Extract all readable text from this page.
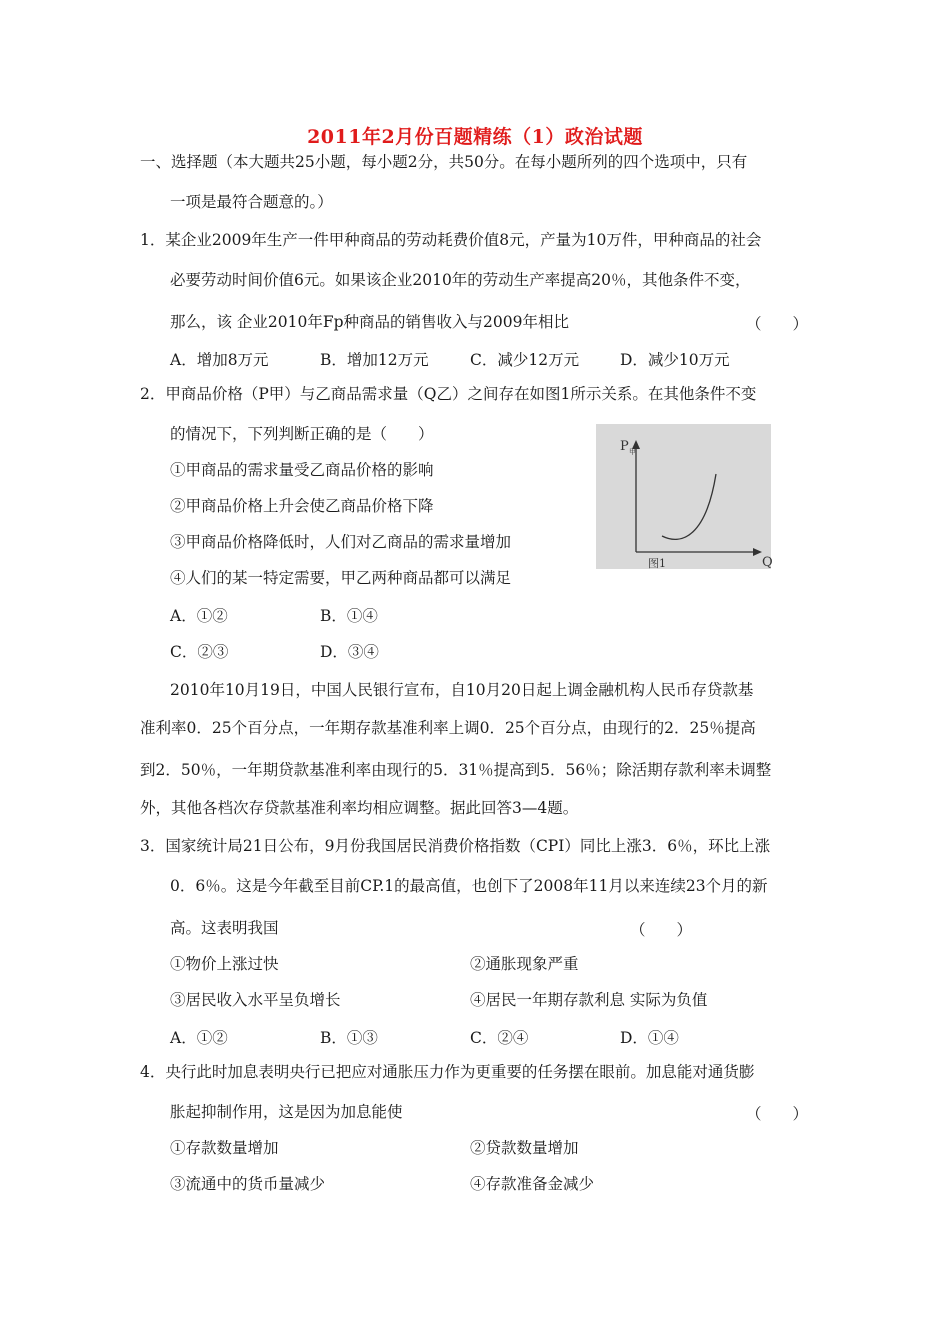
2011年2月份百题精练（1）政治试题
一、选择题（本大题共25小题，每小题2分，共50分。在每小题所列的四个选项中，只有
一项是最符合题意的。）
1．某企业2009年生产一件甲种商品的劳动耗费价值8元，产量为10万件，甲种商品的社会
必要劳动时间价值6元。如果该企业2010年的劳动生产率提高20％，其他条件不变，
那么，该 企业2010年Fp种商品的销售收入与2009年相比	（　　）
A．增加8万元	B．增加12万元	C．减少12万元	D．减少10万元
2．甲商品价格（P甲）与乙商品需求量（Q乙）之间存在如图1所示关系。在其他条件不变
的情况下，下列判断正确的是（　　）
①甲商品的需求量受乙商品价格的影响
②甲商品价格上升会使乙商品价格下降
③甲商品价格降低时，人们对乙商品的需求量增加
④人们的某一特定需要，甲乙两种商品都可以满足
A．①②	B．①④
C．②③	D．③④
P 甲
Q
图1
2010年10月19日，中国人民银行宣布，自10月20日起上调金融机构人民币存贷款基
准利率0．25个百分点，一年期存款基准利率上调0．25个百分点，由现行的2．25％提高
到2．50％，一年期贷款基准利率由现行的5．31％提高到5．56％；除活期存款利率未调整
外，其他各档次存贷款基准利率均相应调整。据此回答3—4题。
3．国家统计局21日公布，9月份我国居民消费价格指数（CPI）同比上涨3．6％，环比上涨
0．6％。这是今年截至目前CP.1的最高值，也创下了2008年11月以来连续23个月的新
高。这表明我国	（　　）
①物价上涨过快	②通胀现象严重
③居民收入水平呈负增长	④居民一年期存款利息 实际为负值
A．①②	B．①③	C．②④	D．①④
4．央行此时加息表明央行已把应对通胀压力作为更重要的任务摆在眼前。加息能对通货膨
胀起抑制作用，这是因为加息能使	（　　）
①存款数量增加	②贷款数量增加
③流通中的货币量减少	④存款准备金减少
